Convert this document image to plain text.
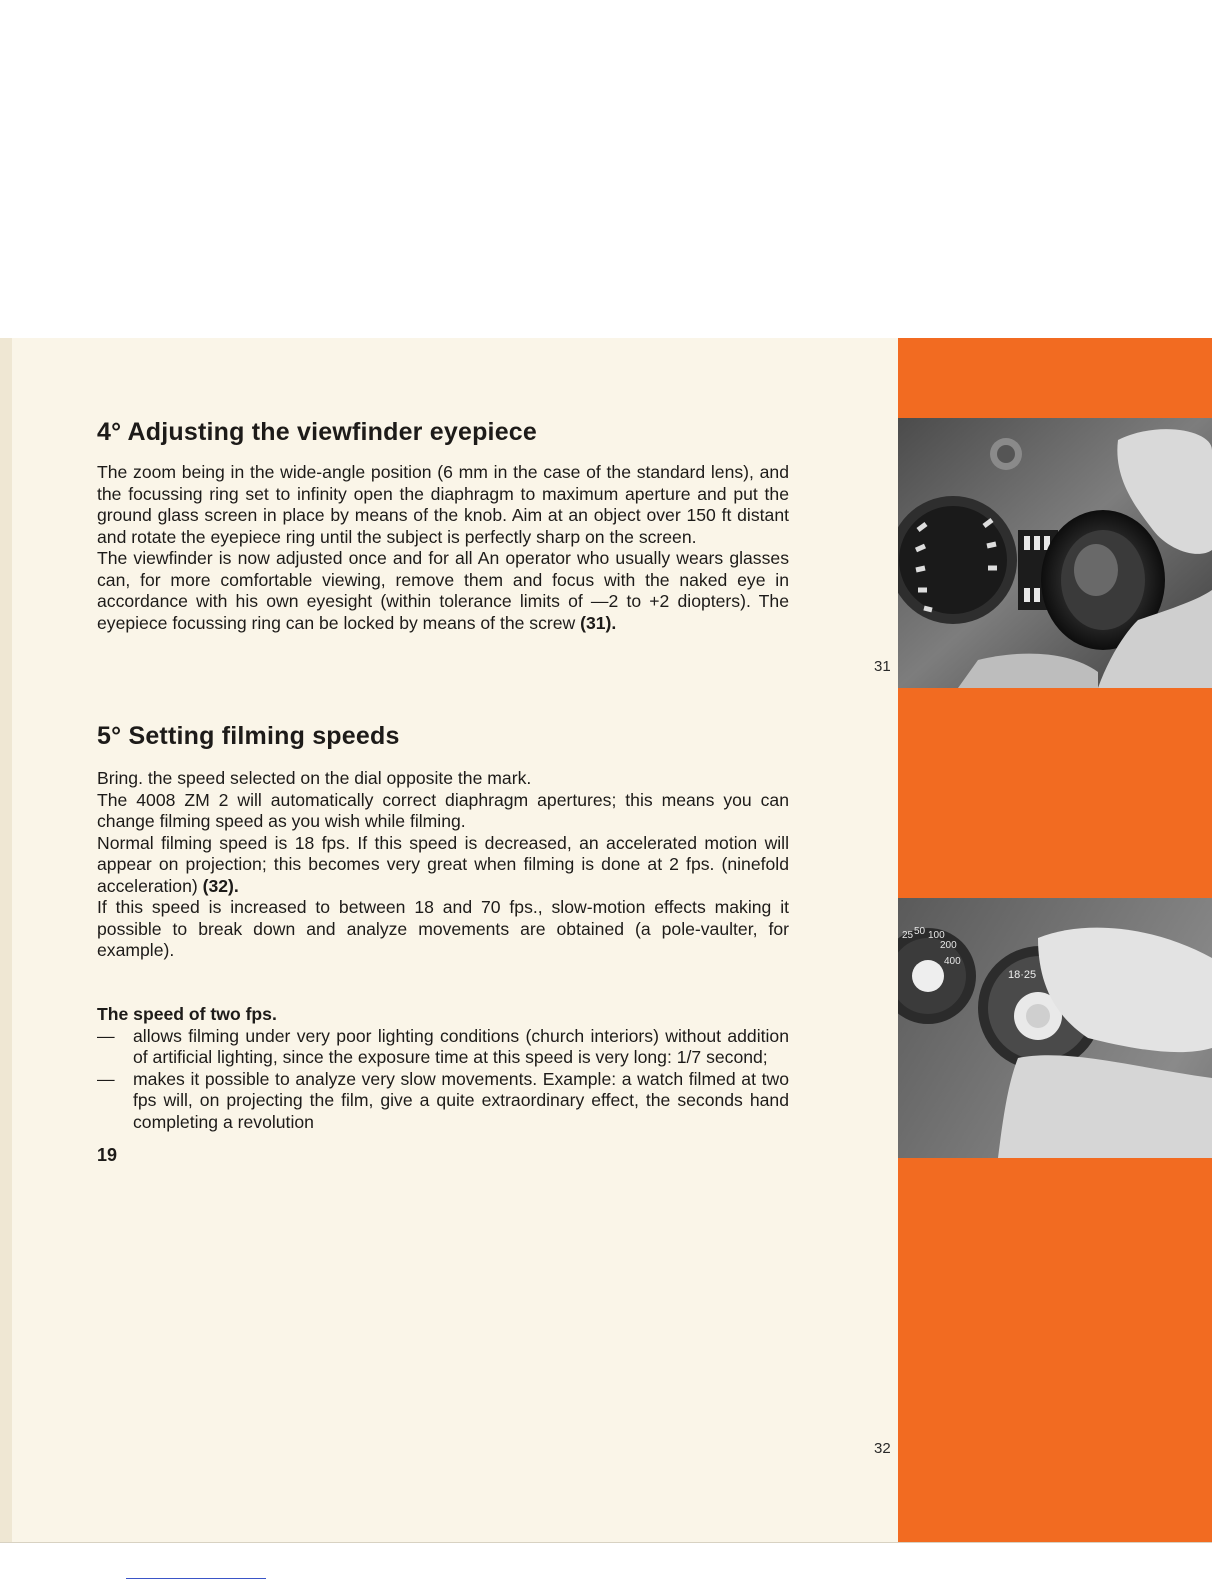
4° Adjusting the viewfinder eyepiece

The zoom being in the wide-angle position (6 mm in the case of the standard lens), and the focussing ring set to infinity open the diaphragm to maximum aperture and put the ground glass screen in place by means of the knob. Aim at an object over 150 ft distant and rotate the eyepiece ring until the subject is perfectly sharp on the screen.

The viewfinder is now adjusted once and for all An operator who usually wears glasses can, for more comfortable viewing, remove them and focus with the naked eye in accordance with his own eyesight (within tolerance limits of —2 to +2 diopters). The eyepiece focussing ring can be locked by means of the screw (31).

5° Setting filming speeds

Bring. the speed selected on the dial opposite the mark.

The 4008 ZM 2 will automatically correct diaphragm apertures; this means you can change filming speed as you wish while filming.

Normal filming speed is 18 fps. If this speed is decreased, an accelerated motion will appear on projection; this becomes very great when filming is done at 2 fps. (ninefold acceleration) (32).

If this speed is increased to between 18 and 70 fps., slow-motion effects making it possible to break down and analyze movements are obtained (a pole-vaulter, for example).

The speed of two fps.

— allows filming under very poor lighting conditions (church interiors) without addition of artificial lighting, since the exposure time at this speed is very long: 1/7 second;

— makes it possible to analyze very slow movements. Example: a watch filmed at two fps will, on projecting the film, give a quite extraordinary effect, the seconds hand completing a revolution

19
31
25 50 100
200
400
18·25
32
